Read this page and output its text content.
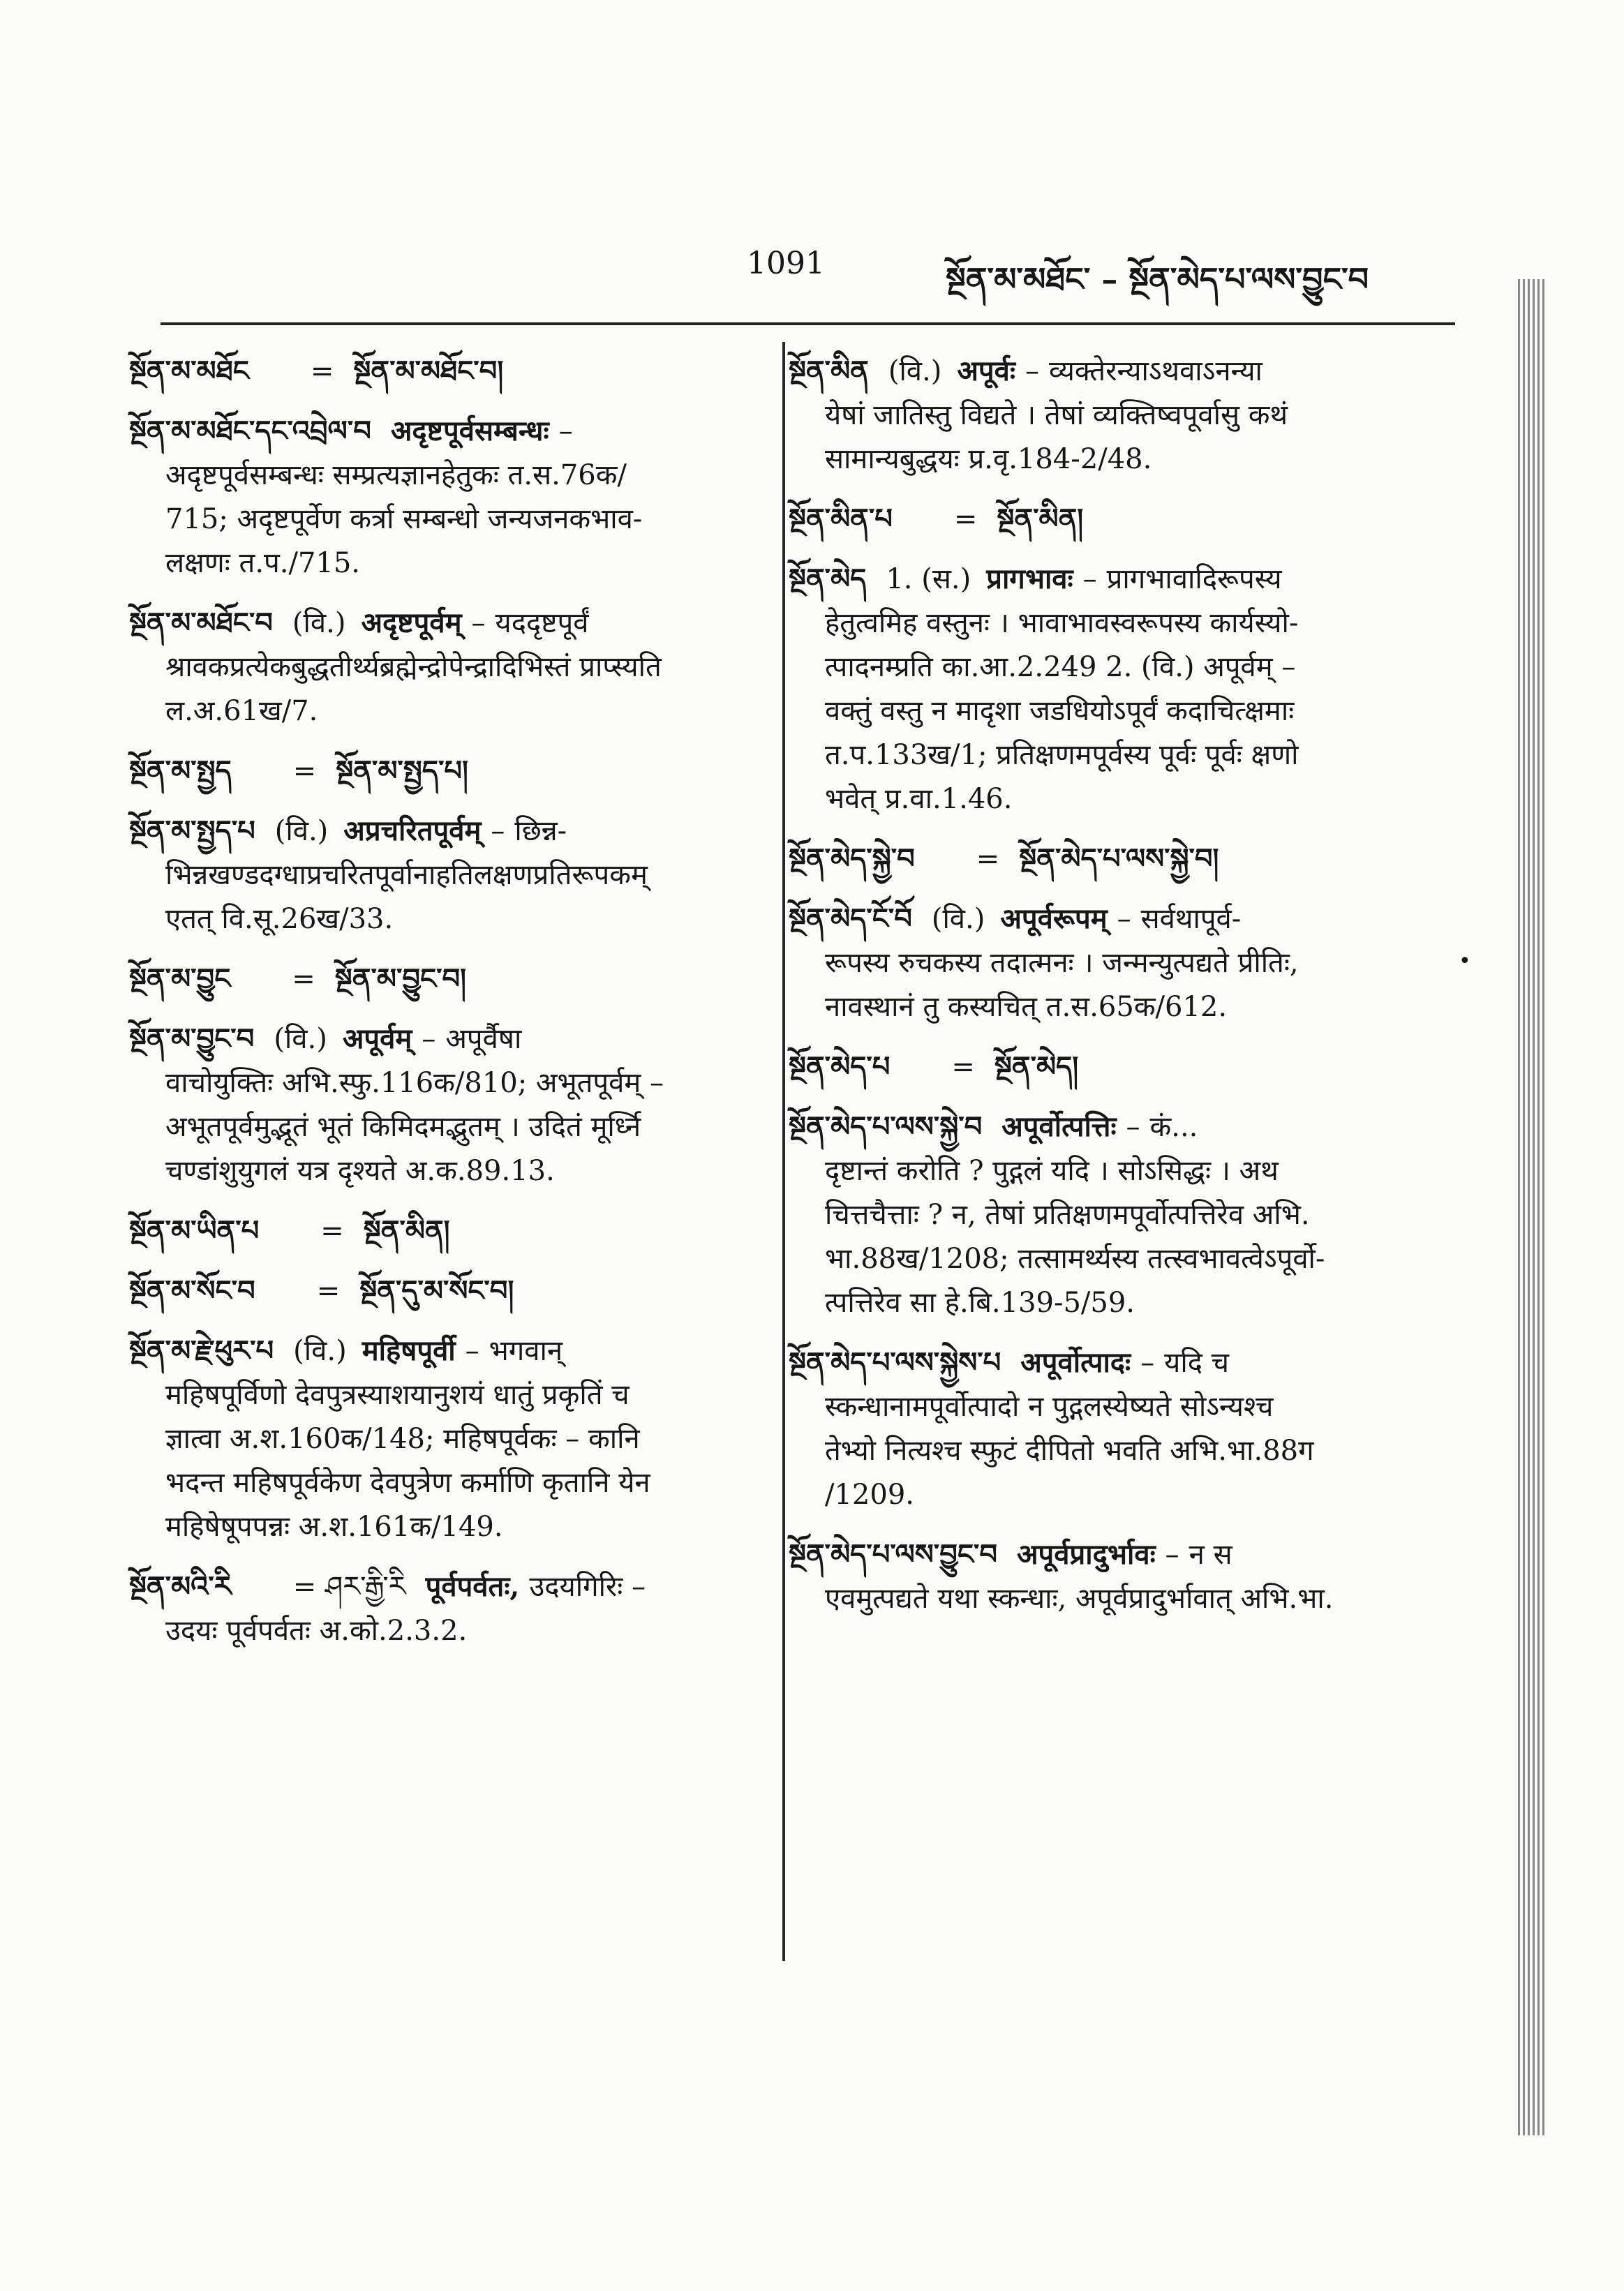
1091	སྔོན་མ་མཐོང་ – སྔོན་མེད་པ་ལས་བྱུང་བ
•
སྔོན་མ་མཐོང = སྔོན་མ་མཐོང་བ།
སྔོན་མ་མཐོང་དང་འབྲེལ་བ अदृष्टपूर्वसम्बन्धः –
अदृष्टपूर्वसम्बन्धः सम्प्रत्यज्ञानहेतुकः त.स.76क/
715; अदृष्टपूर्वेण कर्त्रा सम्बन्धो जन्यजनकभाव-
लक्षणः त.प./715.
སྔོན་མ་མཐོང་བ (वि.) अदृष्टपूर्वम् – यददृष्टपूर्वं
श्रावकप्रत्येकबुद्धतीर्थ्यब्रह्मेन्द्रोपेन्द्रादिभिस्तं प्राप्स्यति
ल.अ.61ख/7.
སྔོན་མ་སྤྱད = སྔོན་མ་སྤྱད་པ།
སྔོན་མ་སྤྱད་པ (वि.) अप्रचरितपूर्वम् – छिन्न-
भिन्नखण्डदग्धाप्रचरितपूर्वानाहतिलक्षणप्रतिरूपकम्
एतत् वि.सू.26ख/33.
སྔོན་མ་བྱུང = སྔོན་མ་བྱུང་བ།
སྔོན་མ་བྱུང་བ (वि.) अपूर्वम् – अपूर्वैषा
वाचोयुक्तिः अभि.स्फु.116क/810; अभूतपूर्वम् –
अभूतपूर्वमुद्भूतं भूतं किमिदमद्भुतम् । उदितं मूर्ध्नि
चण्डांशुयुगलं यत्र दृश्यते अ.क.89.13.
སྔོན་མ་ཡིན་པ = སྔོན་མིན།
སྔོན་མ་སོང་བ = སྔོན་དུ་མ་སོང་བ།
སྔོན་མ་རྗེ་ཕུར་པ (वि.) महिषपूर्वी – भगवान्
महिषपूर्विणो देवपुत्रस्याशयानुशयं धातुं प्रकृतिं च
ज्ञात्वा अ.श.160क/148; महिषपूर्वकः – कानि
भदन्त महिषपूर्वकेण देवपुत्रेण कर्माणि कृतानि येन
महिषेषूपपन्नः अ.श.161क/149.
སྔོན་མའི་རི = ཤར་རྒྱི་རི पूर्वपर्वतः, उदयगिरिः –
उदयः पूर्वपर्वतः अ.को.2.3.2.
སྔོན་མིན (वि.) अपूर्वः – व्यक्तेरन्याऽथवाऽनन्या
येषां जातिस्तु विद्यते । तेषां व्यक्तिष्वपूर्वासु कथं
सामान्यबुद्धयः प्र.वृ.184-2/48.
སྔོན་མིན་པ = སྔོན་མིན།
སྔོན་མེད 1. (स.) प्रागभावः – प्रागभावादिरूपस्य
हेतुत्वमिह वस्तुनः । भावाभावस्वरूपस्य कार्यस्यो-
त्पादनम्प्रति का.आ.2.249 2. (वि.) अपूर्वम् –
वक्तुं वस्तु न मादृशा जडधियोऽपूर्वं कदाचित्क्षमाः
त.प.133ख/1; प्रतिक्षणमपूर्वस्य पूर्वः पूर्वः क्षणो
भवेत् प्र.वा.1.46.
སྔོན་མེད་སྐྱེ་བ = སྔོན་མེད་པ་ལས་སྐྱེ་བ།
སྔོན་མེད་ངོ་བོ (वि.) अपूर्वरूपम् – सर्वथापूर्व-
रूपस्य रुचकस्य तदात्मनः । जन्मन्युत्पद्यते प्रीतिः,
नावस्थानं तु कस्यचित् त.स.65क/612.
སྔོན་མེད་པ = སྔོན་མེད།
སྔོན་མེད་པ་ལས་སྐྱེ་བ अपूर्वोत्पत्तिः – कं...
दृष्टान्तं करोति ? पुद्गलं यदि । सोऽसिद्धः । अथ
चित्तचैत्ताः ? न, तेषां प्रतिक्षणमपूर्वोत्पत्तिरेव अभि.
भा.88ख/1208; तत्सामर्थ्यस्य तत्स्वभावत्वेऽपूर्वो-
त्पत्तिरेव सा हे.बि.139-5/59.
སྔོན་མེད་པ་ལས་སྐྱེས་པ अपूर्वोत्पादः – यदि च
स्कन्धानामपूर्वोत्पादो न पुद्गलस्येष्यते सोऽन्यश्च
तेभ्यो नित्यश्च स्फुटं दीपितो भवति अभि.भा.88ग
/1209.
སྔོན་མེད་པ་ལས་བྱུང་བ अपूर्वप्रादुर्भावः – न स
एवमुत्पद्यते यथा स्कन्धाः, अपूर्वप्रादुर्भावात् अभि.भा.
